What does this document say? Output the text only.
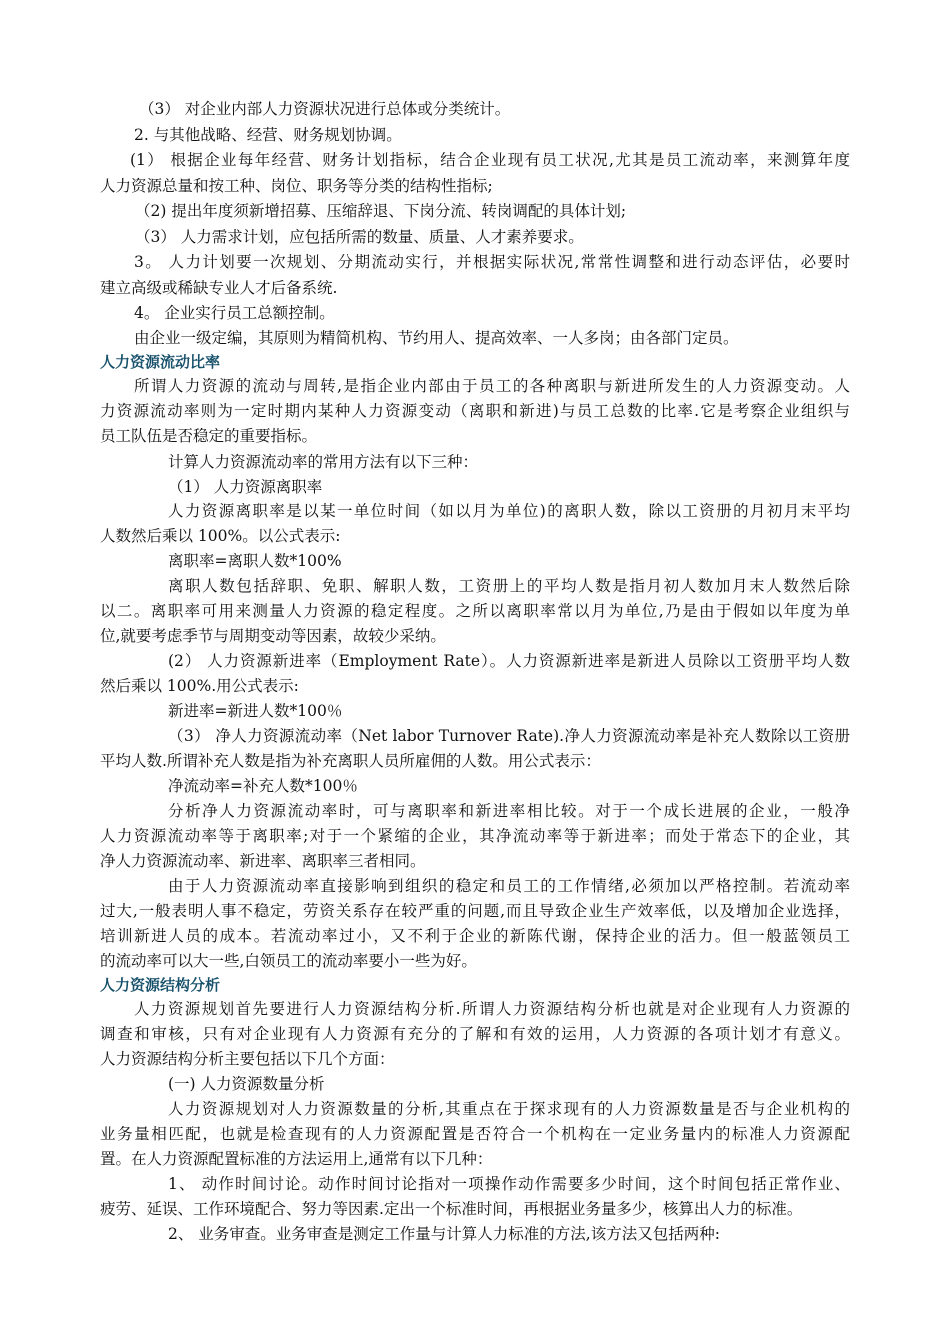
（3） 对企业内部人力资源状况进行总体或分类统计。
2. 与其他战略、经营、财务规划协调。
(1） 根据企业每年经营、财务计划指标，结合企业现有员工状况,尤其是员工流动率，来测算年度
人力资源总量和按工种、岗位、职务等分类的结构性指标;
（2) 提出年度须新增招募、压缩辞退、下岗分流、转岗调配的具体计划;
（3） 人力需求计划，应包括所需的数量、质量、人才素养要求。
3。 人力计划要一次规划、分期流动实行，并根据实际状况,常常性调整和进行动态评估，必要时
建立高级或稀缺专业人才后备系统.
4。 企业实行员工总额控制。
由企业一级定编，其原则为精简机构、节约用人、提高效率、一人多岗；由各部门定员。
人力资源流动比率
所谓人力资源的流动与周转,是指企业内部由于员工的各种离职与新进所发生的人力资源变动。人
力资源流动率则为一定时期内某种人力资源变动（离职和新进)与员工总数的比率.它是考察企业组织与
员工队伍是否稳定的重要指标。
计算人力资源流动率的常用方法有以下三种：
（1） 人力资源离职率
人力资源离职率是以某一单位时间（如以月为单位)的离职人数，除以工资册的月初月末平均
人数然后乘以 100%。以公式表示:
离职率=离职人数*100%
离职人数包括辞职、免职、解职人数，工资册上的平均人数是指月初人数加月末人数然后除
以二。离职率可用来测量人力资源的稳定程度。之所以离职率常以月为单位,乃是由于假如以年度为单
位,就要考虑季节与周期变动等因素，故较少采纳。
(2） 人力资源新进率（Employment Rate）。人力资源新进率是新进人员除以工资册平均人数
然后乘以 100%.用公式表示:
新进率=新进人数*100％
（3） 净人力资源流动率（Net labor Turnover Rate).净人力资源流动率是补充人数除以工资册
平均人数.所谓补充人数是指为补充离职人员所雇佣的人数。用公式表示：
净流动率=补充人数*100％
分析净人力资源流动率时，可与离职率和新进率相比较。对于一个成长进展的企业，一般净
人力资源流动率等于离职率;对于一个紧缩的企业，其净流动率等于新进率；而处于常态下的企业，其
净人力资源流动率、新进率、离职率三者相同。
由于人力资源流动率直接影响到组织的稳定和员工的工作情绪,必须加以严格控制。若流动率
过大,一般表明人事不稳定，劳资关系存在较严重的问题,而且导致企业生产效率低，以及增加企业选择，
培训新进人员的成本。若流动率过小，又不利于企业的新陈代谢，保持企业的活力。但一般蓝领员工
的流动率可以大一些,白领员工的流动率要小一些为好。
人力资源结构分析
人力资源规划首先要进行人力资源结构分析.所谓人力资源结构分析也就是对企业现有人力资源的
调查和审核，只有对企业现有人力资源有充分的了解和有效的运用，人力资源的各项计划才有意义。
人力资源结构分析主要包括以下几个方面：
(一) 人力资源数量分析
人力资源规划对人力资源数量的分析,其重点在于探求现有的人力资源数量是否与企业机构的
业务量相匹配，也就是检查现有的人力资源配置是否符合一个机构在一定业务量内的标准人力资源配
置。在人力资源配置标准的方法运用上,通常有以下几种：
1、 动作时间讨论。动作时间讨论指对一项操作动作需要多少时间，这个时间包括正常作业、
疲劳、延误、工作环境配合、努力等因素.定出一个标准时间，再根据业务量多少，核算出人力的标准。
2、 业务审查。业务审查是测定工作量与计算人力标准的方法,该方法又包括两种:
